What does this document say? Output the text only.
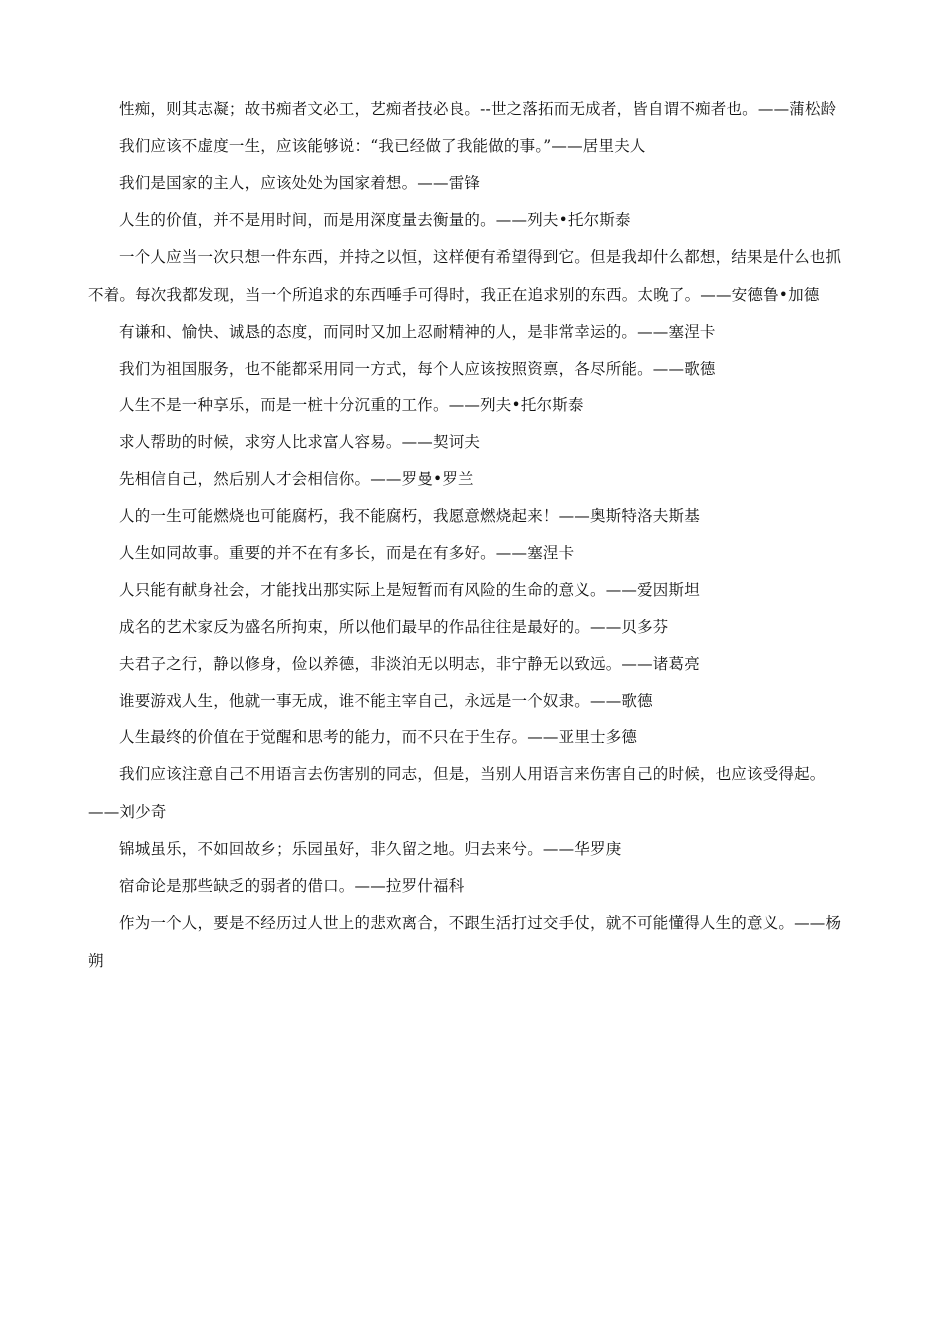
性痴，则其志凝；故书痴者文必工，艺痴者技必良。--世之落拓而无成者，皆自谓不痴者也。——蒲松龄

我们应该不虚度一生，应该能够说：“我已经做了我能做的事。”——居里夫人

我们是国家的主人，应该处处为国家着想。——雷锋

人生的价值，并不是用时间，而是用深度量去衡量的。——列夫•托尔斯泰

一个人应当一次只想一件东西，并持之以恒，这样便有希望得到它。但是我却什么都想，结果是什么也抓不着。每次我都发现，当一个所追求的东西唾手可得时，我正在追求别的东西。太晚了。——安德鲁•加德

有谦和、愉快、诚恳的态度，而同时又加上忍耐精神的人，是非常幸运的。——塞涅卡

我们为祖国服务，也不能都采用同一方式，每个人应该按照资禀，各尽所能。——歌德

人生不是一种享乐，而是一桩十分沉重的工作。——列夫•托尔斯泰

求人帮助的时候，求穷人比求富人容易。——契诃夫

先相信自己，然后别人才会相信你。——罗曼•罗兰

人的一生可能燃烧也可能腐朽，我不能腐朽，我愿意燃烧起来！——奥斯特洛夫斯基

人生如同故事。重要的并不在有多长，而是在有多好。——塞涅卡

人只能有献身社会，才能找出那实际上是短暂而有风险的生命的意义。——爱因斯坦

成名的艺术家反为盛名所拘束，所以他们最早的作品往往是最好的。——贝多芬

夫君子之行，静以修身，俭以养德，非淡泊无以明志，非宁静无以致远。——诸葛亮

谁要游戏人生，他就一事无成，谁不能主宰自己，永远是一个奴隶。——歌德

人生最终的价值在于觉醒和思考的能力，而不只在于生存。——亚里士多德

我们应该注意自己不用语言去伤害别的同志，但是，当别人用语言来伤害自己的时候，也应该受得起。——刘少奇

锦城虽乐，不如回故乡；乐园虽好，非久留之地。归去来兮。——华罗庚

宿命论是那些缺乏的弱者的借口。——拉罗什福科

作为一个人，要是不经历过人世上的悲欢离合，不跟生活打过交手仗，就不可能懂得人生的意义。——杨朔
